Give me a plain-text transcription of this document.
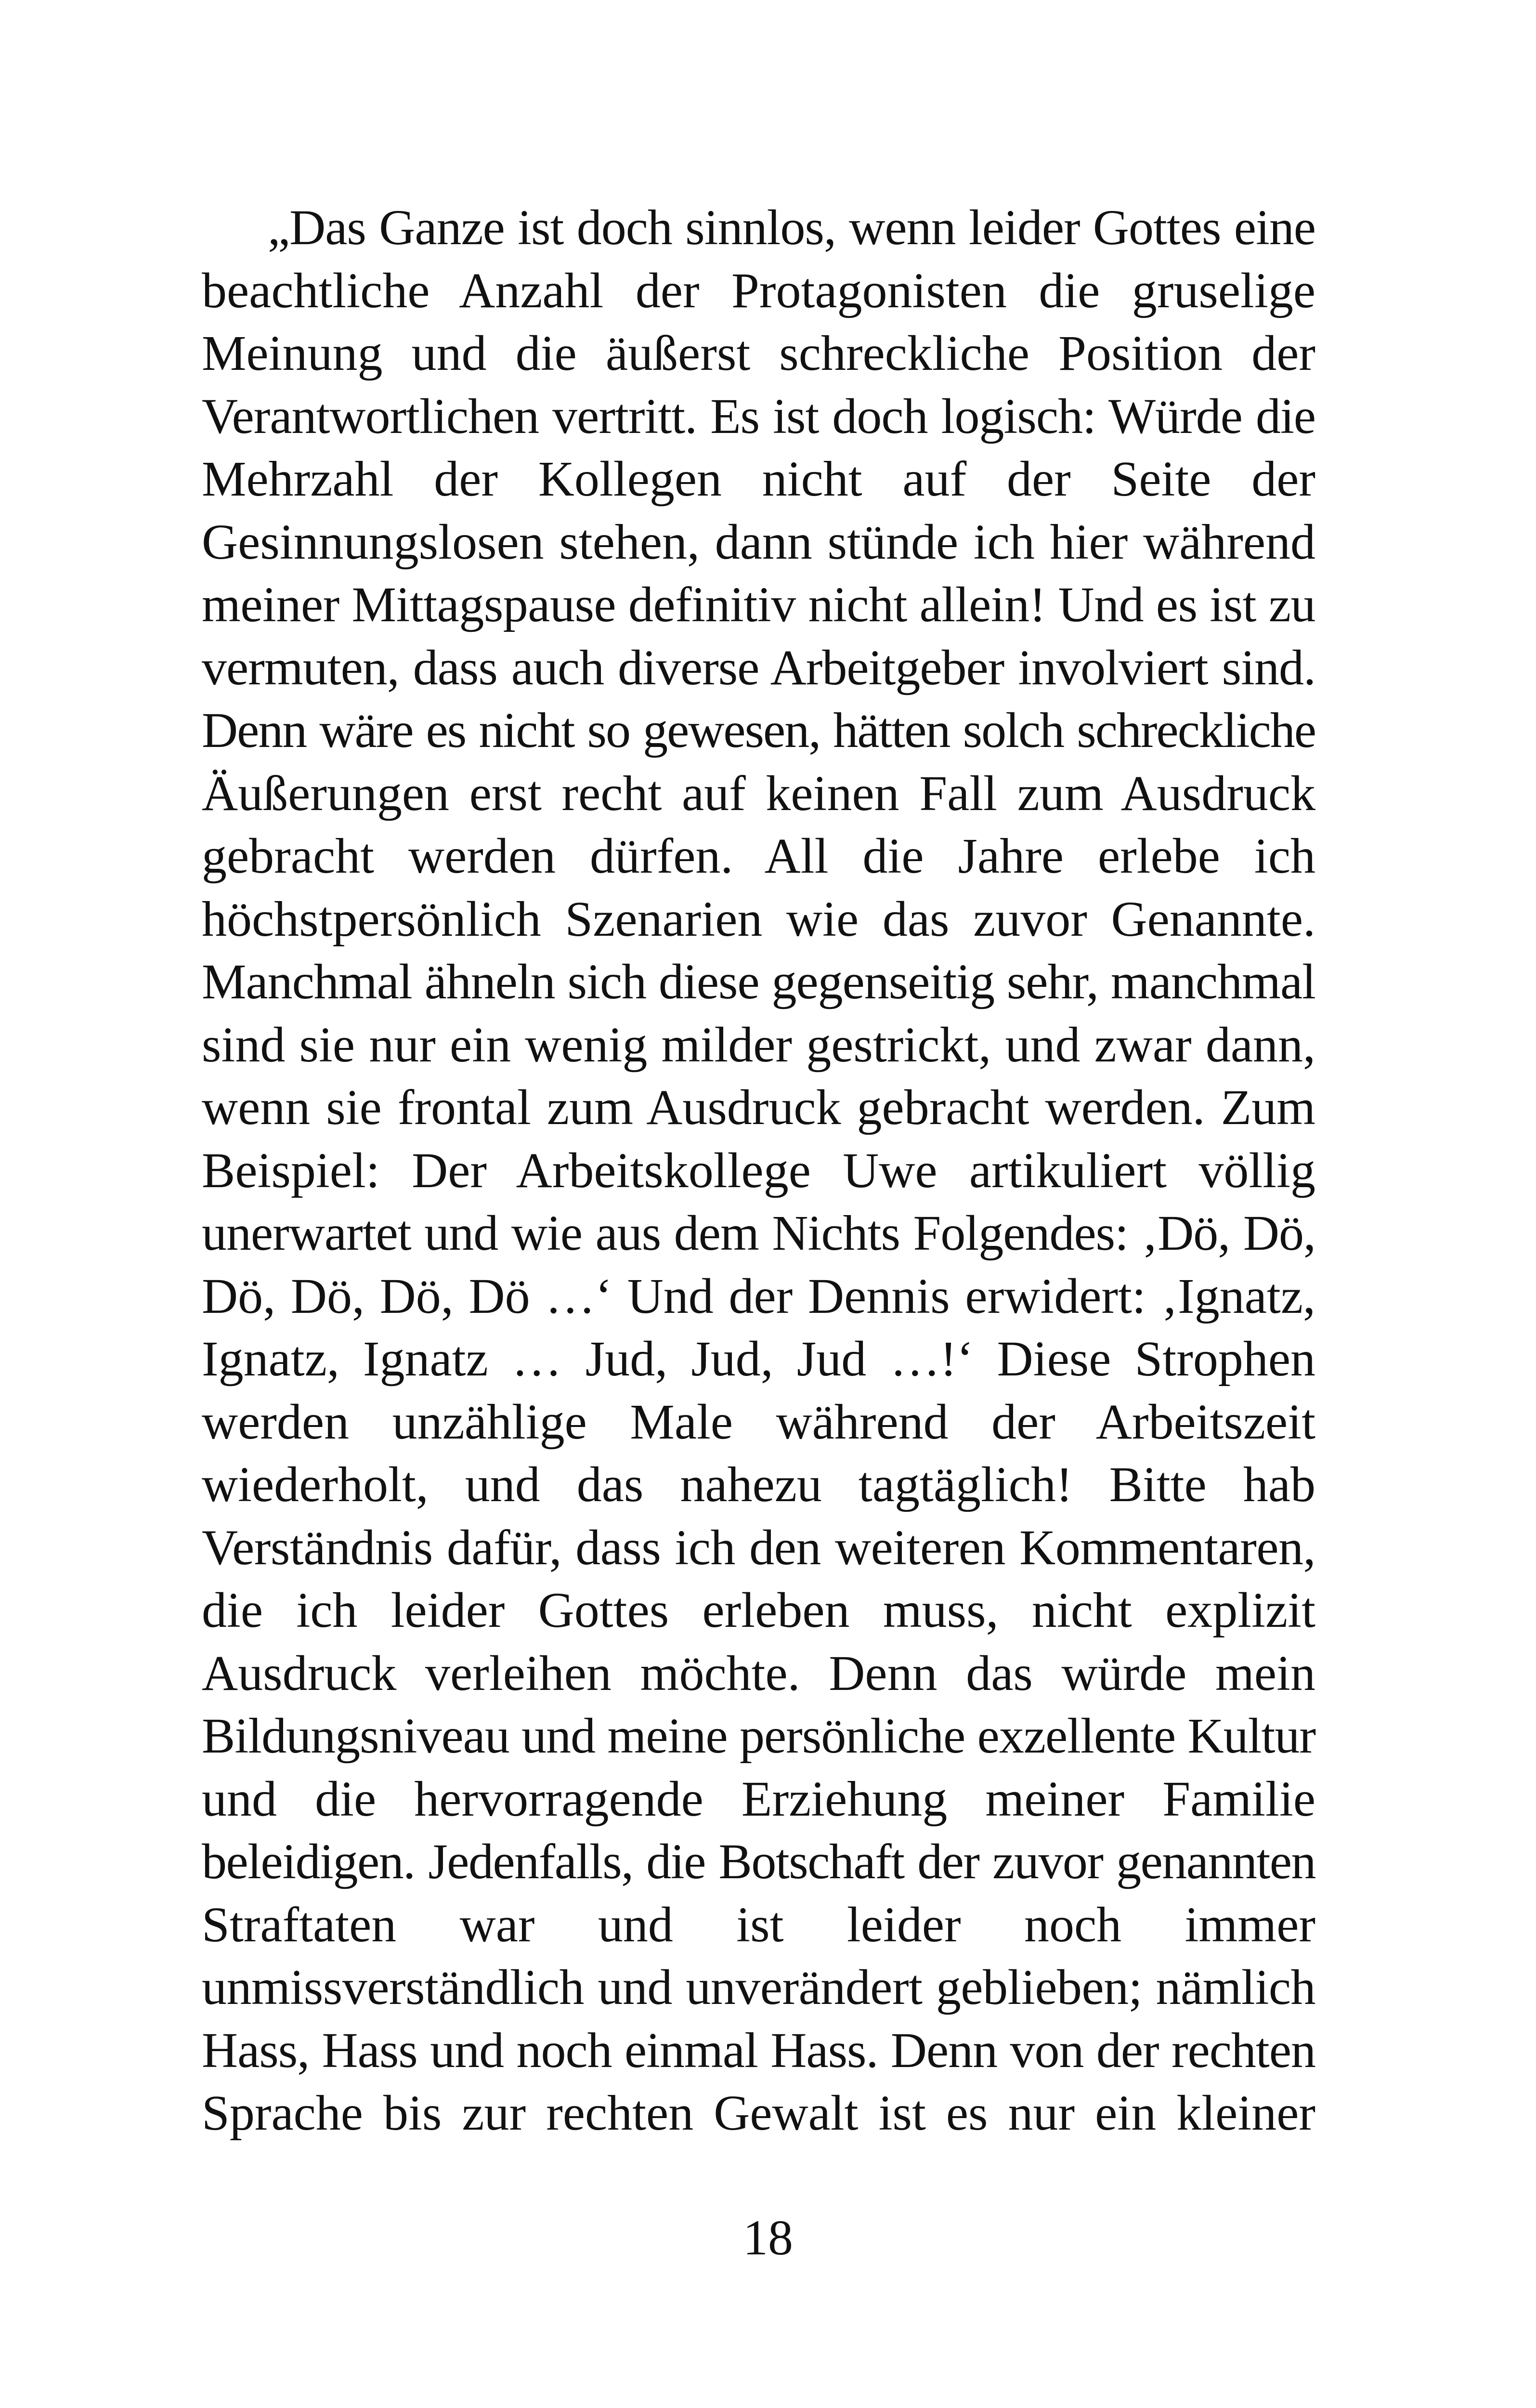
„Das Ganze ist doch sinnlos, wenn leider Gottes eine
beachtliche Anzahl der Protagonisten die gruselige
Meinung und die äußerst schreckliche Position der
Verantwortlichen vertritt. Es ist doch logisch: Würde die
Mehrzahl der Kollegen nicht auf der Seite der
Gesinnungslosen stehen, dann stünde ich hier während
meiner Mittagspause definitiv nicht allein! Und es ist zu
vermuten, dass auch diverse Arbeitgeber involviert sind.
Denn wäre es nicht so gewesen, hätten solch schreckliche
Äußerungen erst recht auf keinen Fall zum Ausdruck
gebracht werden dürfen. All die Jahre erlebe ich
höchstpersönlich Szenarien wie das zuvor Genannte.
Manchmal ähneln sich diese gegenseitig sehr, manchmal
sind sie nur ein wenig milder gestrickt, und zwar dann,
wenn sie frontal zum Ausdruck gebracht werden. Zum
Beispiel: Der Arbeitskollege Uwe artikuliert völlig
unerwartet und wie aus dem Nichts Folgendes: ‚Dö, Dö,
Dö, Dö, Dö, Dö …‘ Und der Dennis erwidert: ‚Ignatz,
Ignatz, Ignatz … Jud, Jud, Jud …!‘ Diese Strophen
werden unzählige Male während der Arbeitszeit
wiederholt, und das nahezu tagtäglich! Bitte hab
Verständnis dafür, dass ich den weiteren Kommentaren,
die ich leider Gottes erleben muss, nicht explizit
Ausdruck verleihen möchte. Denn das würde mein
Bildungsniveau und meine persönliche exzellente Kultur
und die hervorragende Erziehung meiner Familie
beleidigen. Jedenfalls, die Botschaft der zuvor genannten
Straftaten war und ist leider noch immer
unmissverständlich und unverändert geblieben; nämlich
Hass, Hass und noch einmal Hass. Denn von der rechten
Sprache bis zur rechten Gewalt ist es nur ein kleiner
18
